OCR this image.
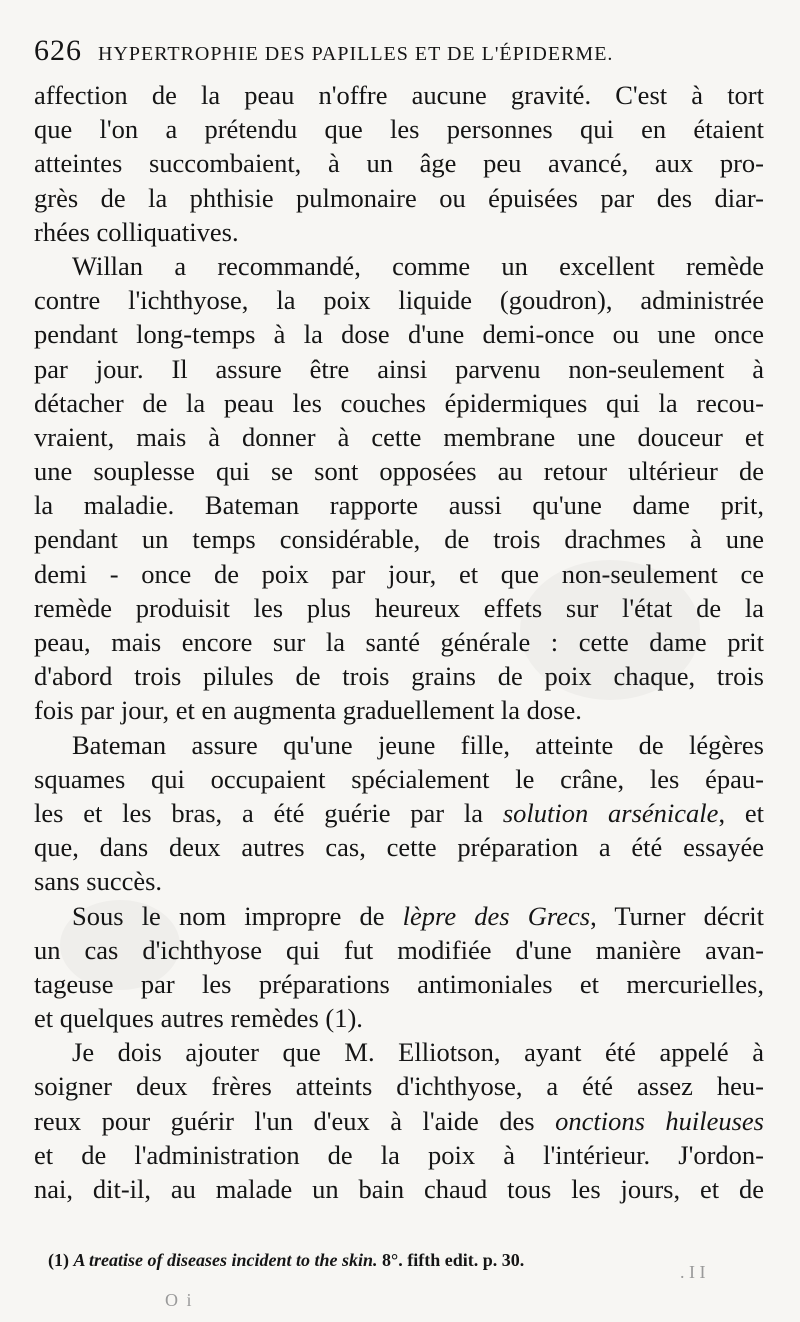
626 HYPERTROPHIE DES PAPILLES ET DE L'ÉPIDERME.
affection de la peau n'offre aucune gravité. C'est à tort
que l'on a prétendu que les personnes qui en étaient
atteintes succombaient, à un âge peu avancé, aux pro-
grès de la phthisie pulmonaire ou épuisées par des diar-
rhées colliquatives.
Willan a recommandé, comme un excellent remède
contre l'ichthyose, la poix liquide (goudron), administrée
pendant long-temps à la dose d'une demi-once ou une once
par jour. Il assure être ainsi parvenu non-seulement à
détacher de la peau les couches épidermiques qui la recou-
vraient, mais à donner à cette membrane une douceur et
une souplesse qui se sont opposées au retour ultérieur de
la maladie. Bateman rapporte aussi qu'une dame prit,
pendant un temps considérable, de trois drachmes à une
demi - once de poix par jour, et que non-seulement ce
remède produisit les plus heureux effets sur l'état de la
peau, mais encore sur la santé générale : cette dame prit
d'abord trois pilules de trois grains de poix chaque, trois
fois par jour, et en augmenta graduellement la dose.
Bateman assure qu'une jeune fille, atteinte de légères
squames qui occupaient spécialement le crâne, les épau-
les et les bras, a été guérie par la solution arsénicale, et
que, dans deux autres cas, cette préparation a été essayée
sans succès.
Sous le nom impropre de lèpre des Grecs, Turner décrit
un cas d'ichthyose qui fut modifiée d'une manière avan-
tageuse par les préparations antimoniales et mercurielles,
et quelques autres remèdes (1).
Je dois ajouter que M. Elliotson, ayant été appelé à
soigner deux frères atteints d'ichthyose, a été assez heu-
reux pour guérir l'un d'eux à l'aide des onctions huileuses
et de l'administration de la poix à l'intérieur. J'ordon-
nai, dit-il, au malade un bain chaud tous les jours, et de
(1) A treatise of diseases incident to the skin. 8°. fifth edit. p. 30.
O i
. I I
